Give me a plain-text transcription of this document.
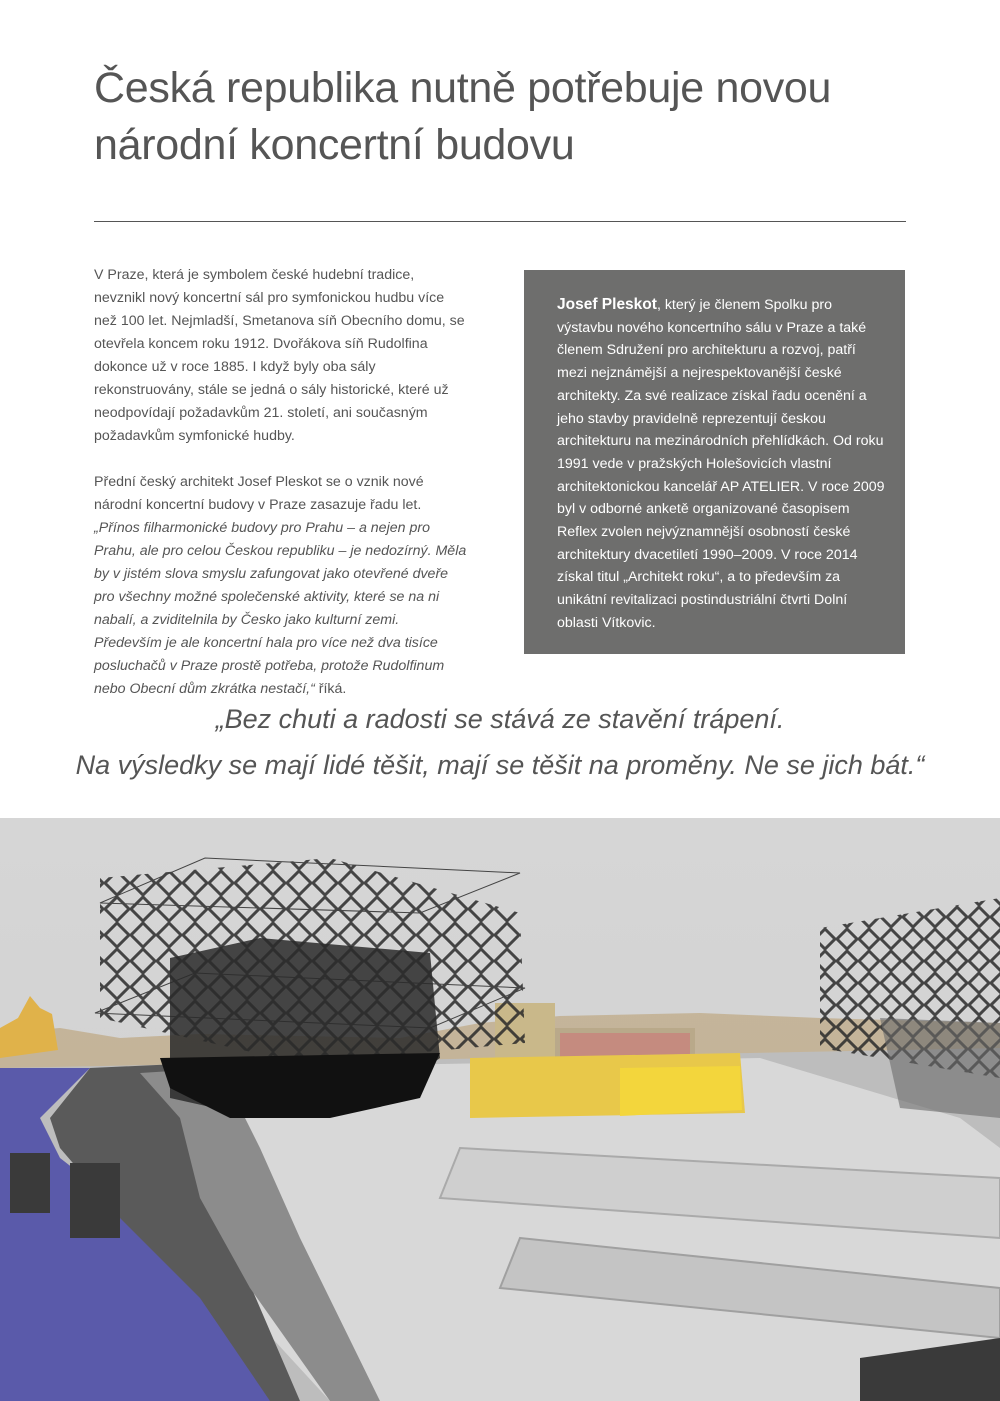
Česká republika nutně potřebuje novou
národní koncertní budovu

V Praze, která je symbolem české hudební tradice, nevznikl nový koncertní sál pro symfonickou hudbu více než 100 let. Nejmladší, Smetanova síň Obecního domu, se otevřela koncem roku 1912. Dvořákova síň Rudolfina dokonce už v roce 1885. I když byly oba sály rekonstruovány, stále se jedná o sály historické, které už neodpovídají požadavkům 21. století, ani současným požadavkům symfonické hudby.

Přední český architekt Josef Pleskot se o vznik nové národní koncertní budovy v Praze zasazuje řadu let. „Přínos filharmonické budovy pro Prahu – a nejen pro Prahu, ale pro celou Českou republiku – je nedozírný. Měla by v jistém slova smyslu zafungovat jako otevřené dveře pro všechny možné společenské aktivity, které se na ni nabalí, a zviditelnila by Česko jako kulturní zemi. Především je ale koncertní hala pro více než dva tisíce posluchačů v Praze prostě potřeba, protože Rudolfinum nebo Obecní dům zkrátka nestačí,“ říká.

Josef Pleskot, který je členem Spolku pro výstavbu nového koncertního sálu v Praze a také členem Sdružení pro architekturu a rozvoj, patří mezi nejznámější a nejrespektovanější české architekty. Za své realizace získal řadu ocenění a jeho stavby pravidelně reprezentují českou architekturu na mezinárodních přehlídkách. Od roku 1991 vede v pražských Holešovicích vlastní architektonickou kancelář AP ATELIER. V roce 2009 byl v odborné anketě organizované časopisem Reflex zvolen nejvýznamnější osobností české architektury dvacetiletí 1990–2009. V roce 2014 získal titul „Architekt roku“, a to především za unikátní revitalizaci postindustriální čtvrti Dolní oblasti Vítkovic.

„Bez chuti a radosti se stává ze stavění trápení.
Na výsledky se mají lidé těšit, mají se těšit na proměny. Ne se jich bát.“
